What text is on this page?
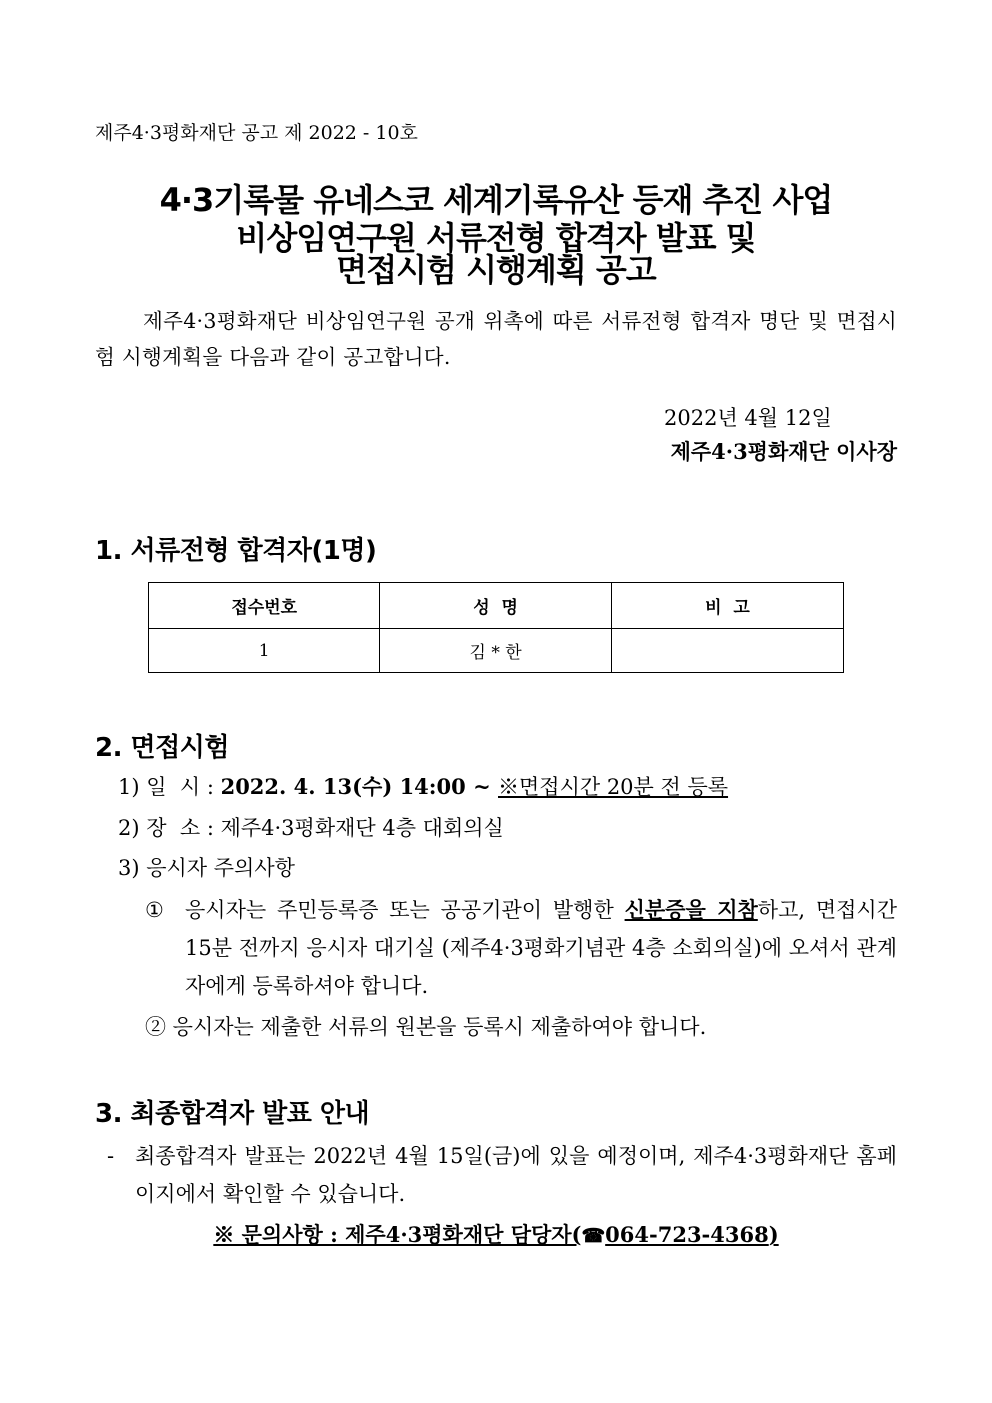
제주4·3평화재단 공고 제 2022 - 10호
4·3기록물 유네스코 세계기록유산 등재 추진 사업
비상임연구원 서류전형 합격자 발표 및
면접시험 시행계획 공고
제주4·3평화재단 비상임연구원 공개 위촉에 따른 서류전형 합격자 명단 및 면접시험 시행계획을 다음과 같이 공고합니다.
2022년 4월 12일
제주4·3평화재단 이사장
1. 서류전형 합격자(1명)
접수번호	성  명	비  고
1	김 * 한	
2. 면접시험
1) 일  시 : 2022. 4. 13(수) 14:00 ~ ※면접시간 20분 전 등록
2) 장  소 : 제주4·3평화재단 4층 대회의실
3) 응시자 주의사항
① 응시자는 주민등록증 또는 공공기관이 발행한 신분증을 지참하고, 면접시간 15분 전까지 응시자 대기실 (제주4·3평화기념관 4층 소회의실)에 오셔서 관계자에게 등록하셔야 합니다.
② 응시자는 제출한 서류의 원본을 등록시 제출하여야 합니다.
3. 최종합격자 발표 안내
- 최종합격자 발표는 2022년 4월 15일(금)에 있을 예정이며, 제주4·3평화재단 홈페이지에서 확인할 수 있습니다.
※ 문의사항 : 제주4·3평화재단 담당자(☎064-723-4368)
